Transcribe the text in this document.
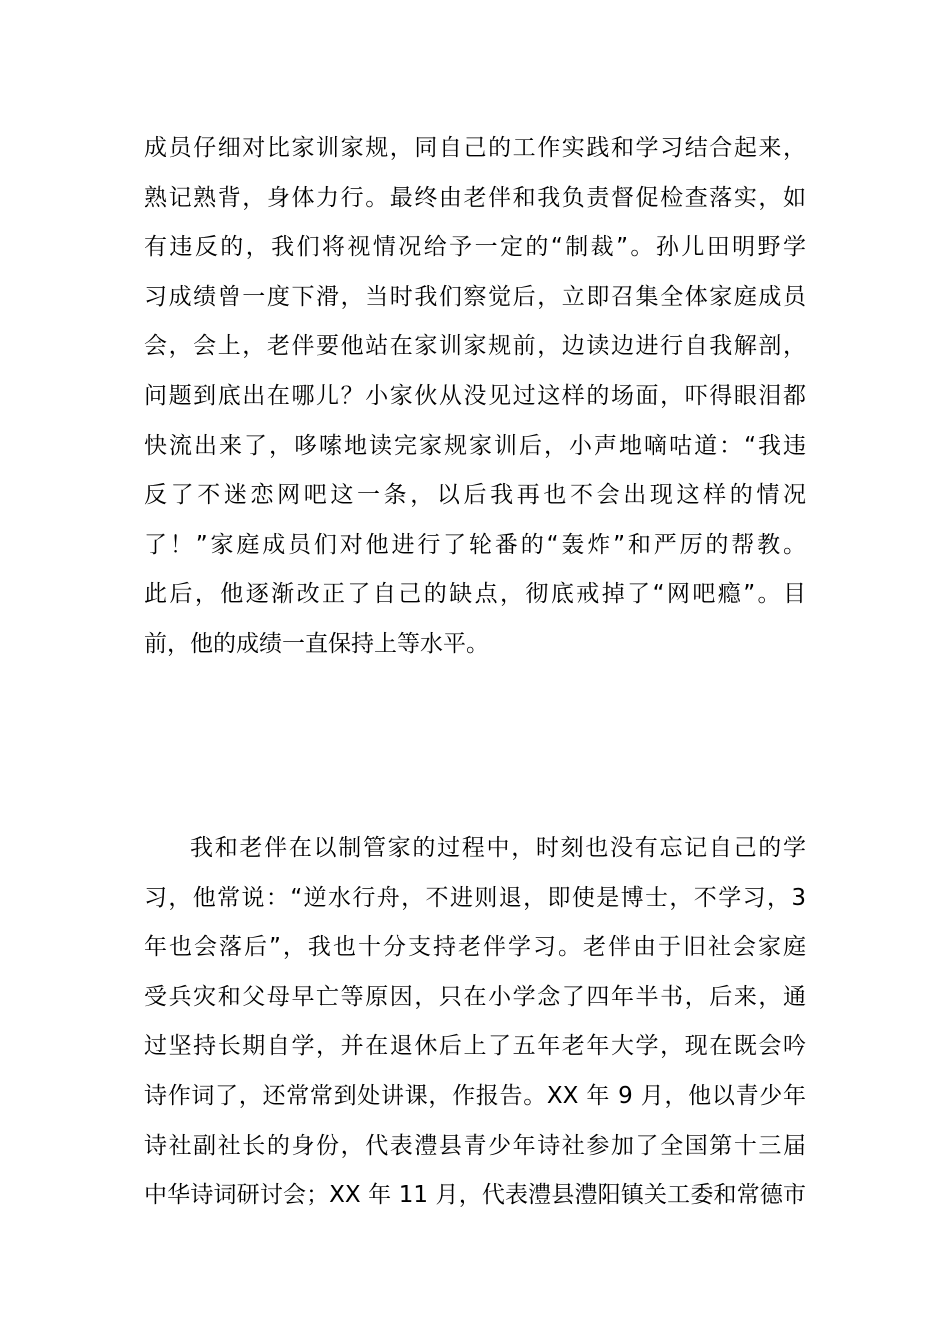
成员仔细对比家训家规，同自己的工作实践和学习结合起来，
熟记熟背，身体力行。最终由老伴和我负责督促检查落实，如
有违反的，我们将视情况给予一定的“制裁”。孙儿田明野学
习成绩曾一度下滑，当时我们察觉后，立即召集全体家庭成员
会，会上，老伴要他站在家训家规前，边读边进行自我解剖，
问题到底出在哪儿？小家伙从没见过这样的场面，吓得眼泪都
快流出来了，哆嗦地读完家规家训后，小声地嘀咕道：“我违
反了不迷恋网吧这一条，以后我再也不会出现这样的情况
了！”家庭成员们对他进行了轮番的“轰炸”和严厉的帮教。
此后，他逐渐改正了自己的缺点，彻底戒掉了“网吧瘾”。目
前，他的成绩一直保持上等水平。
我和老伴在以制管家的过程中，时刻也没有忘记自己的学
习，他常说：“逆水行舟，不进则退，即使是博士，不学习，3
年也会落后”，我也十分支持老伴学习。老伴由于旧社会家庭
受兵灾和父母早亡等原因，只在小学念了四年半书，后来，通
过坚持长期自学，并在退休后上了五年老年大学，现在既会吟
诗作词了，还常常到处讲课，作报告。XX 年 9 月，他以青少年
诗社副社长的身份，代表澧县青少年诗社参加了全国第十三届
中华诗词研讨会；XX 年 11 月，代表澧县澧阳镇关工委和常德市
